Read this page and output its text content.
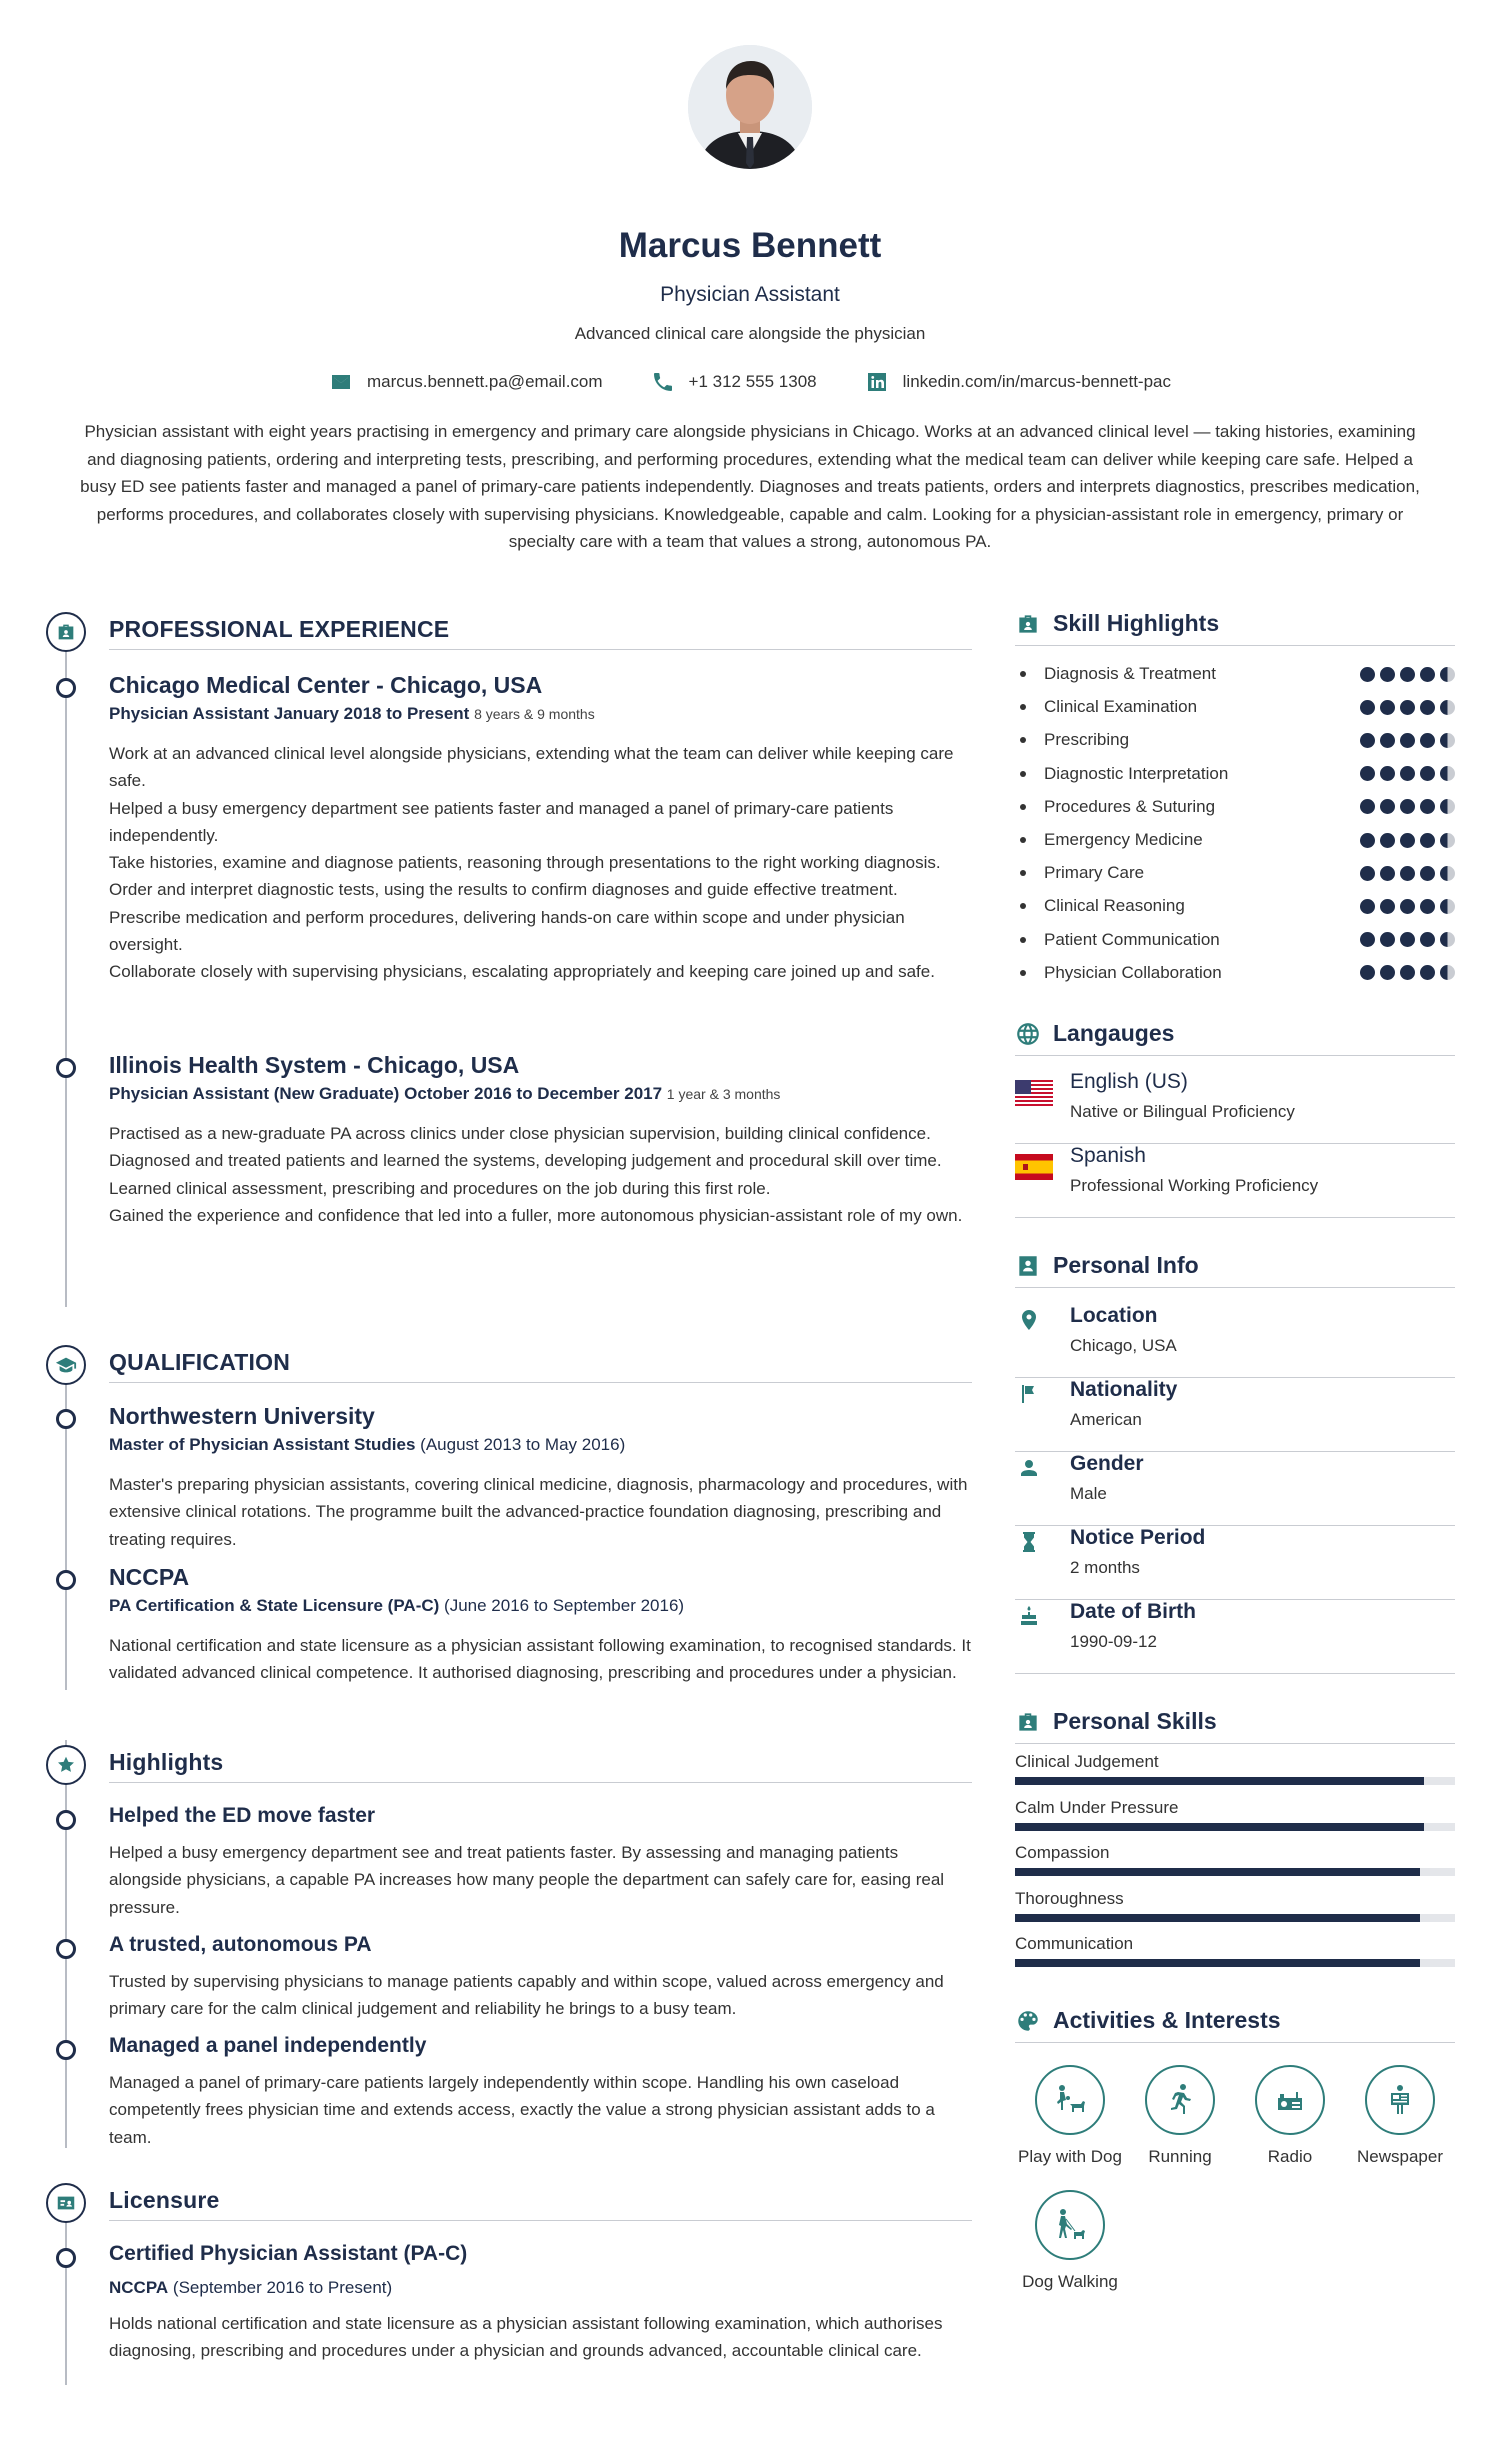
Marcus Bennett
Physician Assistant
Advanced clinical care alongside the physician
marcus.bennett.pa@email.com	+1 312 555 1308	linkedin.com/in/marcus-bennett-pac
Physician assistant with eight years practising in emergency and primary care alongside physicians in Chicago. Works at an advanced clinical level — taking histories, examining and diagnosing patients, ordering and interpreting tests, prescribing, and performing procedures, extending what the medical team can deliver while keeping care safe. Helped a busy ED see patients faster and managed a panel of primary-care patients independently. Diagnoses and treats patients, orders and interprets diagnostics, prescribes medication, performs procedures, and collaborates closely with supervising physicians. Knowledgeable, capable and calm. Looking for a physician-assistant role in emergency, primary or specialty care with a team that values a strong, autonomous PA.
PROFESSIONAL EXPERIENCE
Chicago Medical Center - Chicago, USA
Physician Assistant January 2018 to Present 8 years & 9 months
Work at an advanced clinical level alongside physicians, extending what the team can deliver while keeping care safe.
Helped a busy emergency department see patients faster and managed a panel of primary-care patients independently.
Take histories, examine and diagnose patients, reasoning through presentations to the right working diagnosis.
Order and interpret diagnostic tests, using the results to confirm diagnoses and guide effective treatment.
Prescribe medication and perform procedures, delivering hands-on care within scope and under physician oversight.
Collaborate closely with supervising physicians, escalating appropriately and keeping care joined up and safe.
Illinois Health System - Chicago, USA
Physician Assistant (New Graduate) October 2016 to December 2017 1 year & 3 months
Practised as a new-graduate PA across clinics under close physician supervision, building clinical confidence.
Diagnosed and treated patients and learned the systems, developing judgement and procedural skill over time.
Learned clinical assessment, prescribing and procedures on the job during this first role.
Gained the experience and confidence that led into a fuller, more autonomous physician-assistant role of my own.
QUALIFICATION
Northwestern University
Master of Physician Assistant Studies (August 2013 to May 2016)
Master's preparing physician assistants, covering clinical medicine, diagnosis, pharmacology and procedures, with extensive clinical rotations. The programme built the advanced-practice foundation diagnosing, prescribing and treating requires.
NCCPA
PA Certification & State Licensure (PA-C) (June 2016 to September 2016)
National certification and state licensure as a physician assistant following examination, to recognised standards. It validated advanced clinical competence. It authorised diagnosing, prescribing and procedures under a physician.
Highlights
Helped the ED move faster
Helped a busy emergency department see and treat patients faster. By assessing and managing patients alongside physicians, a capable PA increases how many people the department can safely care for, easing real pressure.
A trusted, autonomous PA
Trusted by supervising physicians to manage patients capably and within scope, valued across emergency and primary care for the calm clinical judgement and reliability he brings to a busy team.
Managed a panel independently
Managed a panel of primary-care patients largely independently within scope. Handling his own caseload competently frees physician time and extends access, exactly the value a strong physician assistant adds to a team.
Licensure
Certified Physician Assistant (PA-C)
NCCPA (September 2016 to Present)
Holds national certification and state licensure as a physician assistant following examination, which authorises diagnosing, prescribing and procedures under a physician and grounds advanced, accountable clinical care.
Skill Highlights
Diagnosis & Treatment
Clinical Examination
Prescribing
Diagnostic Interpretation
Procedures & Suturing
Emergency Medicine
Primary Care
Clinical Reasoning
Patient Communication
Physician Collaboration
Langauges
English (US)
Native or Bilingual Proficiency
Spanish
Professional Working Proficiency
Personal Info
Location
Chicago, USA
Nationality
American
Gender
Male
Notice Period
2 months
Date of Birth
1990-09-12
Personal Skills
Clinical Judgement
Calm Under Pressure
Compassion
Thoroughness
Communication
Activities & Interests
Play with Dog	Running	Radio	Newspaper
Dog Walking
